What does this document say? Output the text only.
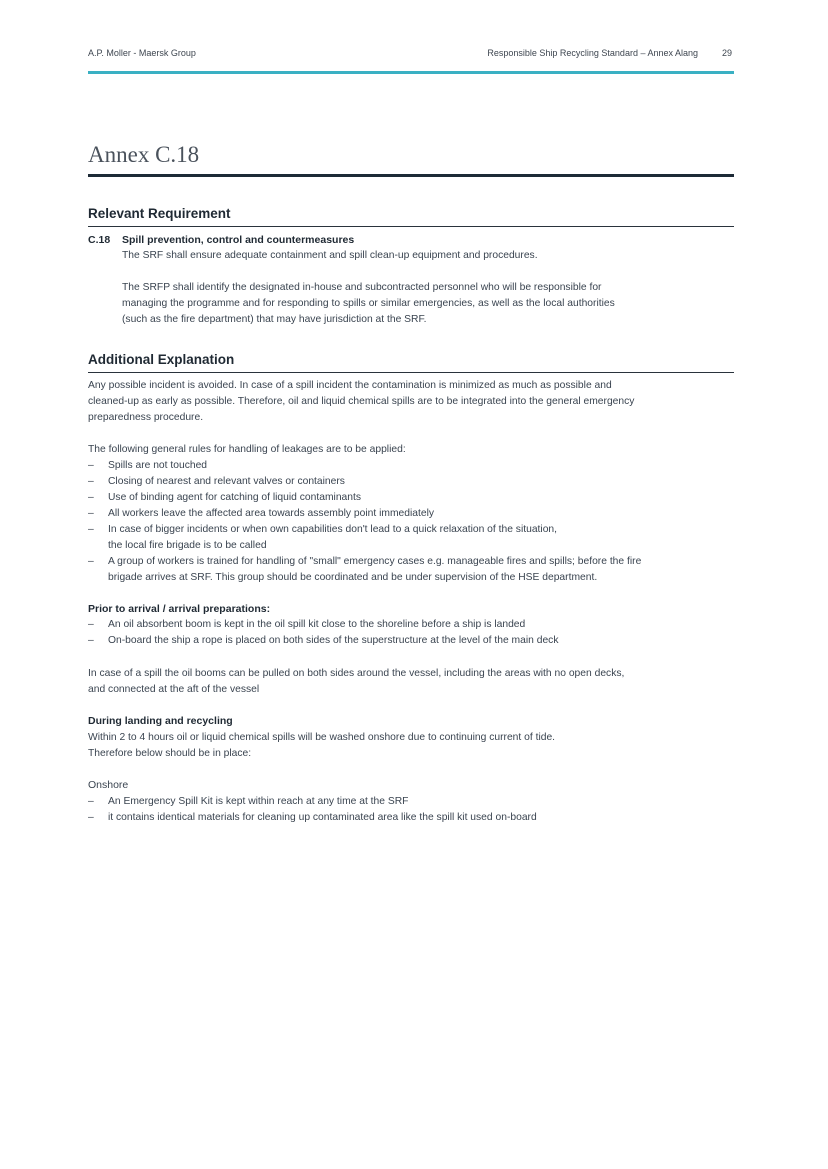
A.P. Moller - Maersk Group	Responsible Ship Recycling Standard – Annex Alang	29
Annex C.18
Relevant Requirement
C.18 Spill prevention, control and countermeasures

The SRF shall ensure adequate containment and spill clean-up equipment and procedures.

The SRFP shall identify the designated in-house and subcontracted personnel who will be responsible for
managing the programme and for responding to spills or similar emergencies, as well as the local authorities
(such as the fire department) that may have jurisdiction at the SRF.

Additional Explanation

Any possible incident is avoided. In case of a spill incident the contamination is minimized as much as possible and
cleaned-up as early as possible. Therefore, oil and liquid chemical spills are to be integrated into the general emergency
preparedness procedure.

The following general rules for handling of leakages are to be applied:

– Spills are not touched
– Closing of nearest and relevant valves or containers
– Use of binding agent for catching of liquid contaminants
– All workers leave the affected area towards assembly point immediately
– In case of bigger incidents or when own capabilities don't lead to a quick relaxation of the situation,
the local fire brigade is to be called
– A group of workers is trained for handling of "small" emergency cases e.g. manageable fires and spills; before the fire
brigade arrives at SRF. This group should be coordinated and be under supervision of the HSE department.
Prior to arrival / arrival preparations:
– An oil absorbent boom is kept in the oil spill kit close to the shoreline before a ship is landed
– On-board the ship a rope is placed on both sides of the superstructure at the level of the main deck

In case of a spill the oil booms can be pulled on both sides around the vessel, including the areas with no open decks,
and connected at the aft of the vessel

During landing and recycling

Within 2 to 4 hours oil or liquid chemical spills will be washed onshore due to continuing current of tide.
Therefore below should be in place:

Onshore
– An Emergency Spill Kit is kept within reach at any time at the SRF
– it contains identical materials for cleaning up contaminated area like the spill kit used on-board
